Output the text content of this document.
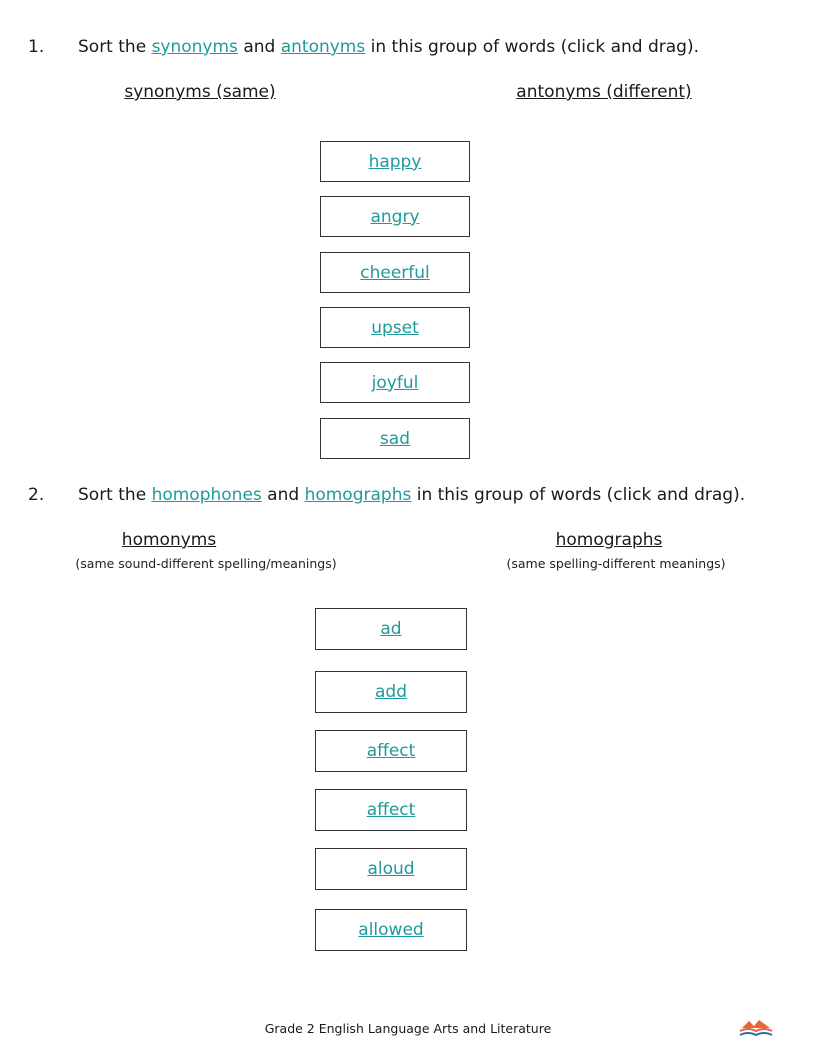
1. Sort the synonyms and antonyms in this group of words (click and drag).
synonyms (same)	antonyms (different)
happy
angry
cheerful
upset
joyful
sad
2. Sort the homophones and homographs in this group of words (click and drag).
homonyms
(same sound-different spelling/meanings)
homographs
(same spelling-different meanings)
ad
add
affect
affect
aloud
allowed
Grade 2 English Language Arts and Literature
